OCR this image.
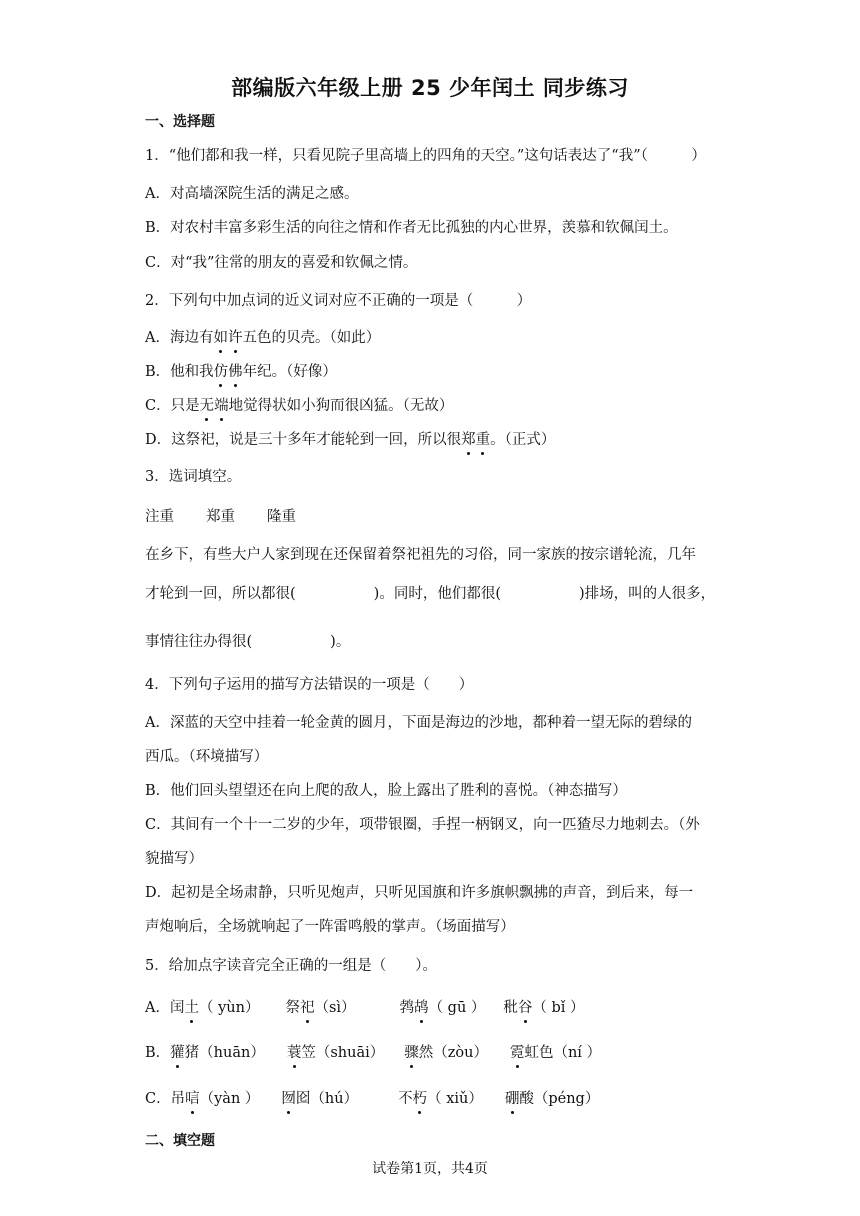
部编版六年级上册 25 少年闰土 同步练习
一、选择题
1．“他们都和我一样，只看见院子里高墙上的四角的天空。”这句话表达了“我”（　　　）
A．对高墙深院生活的满足之感。
B．对农村丰富多彩生活的向往之情和作者无比孤独的内心世界，羡慕和钦佩闰土。
C．对“我”往常的朋友的喜爱和钦佩之情。
2．下列句中加点词的近义词对应不正确的一项是（　　　）
A．海边有如许五色的贝壳。（如此）
B．他和我仿佛年纪。（好像）
C．只是无端地觉得状如小狗而很凶猛。（无故）
D．这祭祀，说是三十多年才能轮到一回，所以很郑重。（正式）
3．选词填空。
注重 郑重 隆重
在乡下，有些大户人家到现在还保留着祭祀祖先的习俗，同一家族的按宗谱轮流，几年
才轮到一回，所以都很(	)。同时，他们都很(	)排场，叫的人很多，
事情往往办得很(	)。
4．下列句子运用的描写方法错误的一项是（　　）
A．深蓝的天空中挂着一轮金黄的圆月，下面是海边的沙地，都种着一望无际的碧绿的
西瓜。（环境描写）
B．他们回头望望还在向上爬的敌人，脸上露出了胜利的喜悦。（神态描写）
C．其间有一个十一二岁的少年，项带银圈，手捏一柄钢叉，向一匹猹尽力地刺去。（外
貌描写）
D．起初是全场肃静，只听见炮声，只听见国旗和许多旗帜飘拂的声音，到后来，每一
声炮响后，全场就响起了一阵雷鸣般的掌声。（场面描写）
5．给加点字读音完全正确的一组是（　　）。
A．闰土（ yùn） 祭祀（sì）	鹁鸪（ gū ） 秕谷（ bǐ ）
B．獾猪（huān） 蓑笠（shuāi） 骤然（zòu） 霓虹色（ní ）
C．吊唁（yàn ） 囫囵（hú）	不朽（ xiǔ） 硼酸（péng）
二、填空题
试卷第1页，共4页
